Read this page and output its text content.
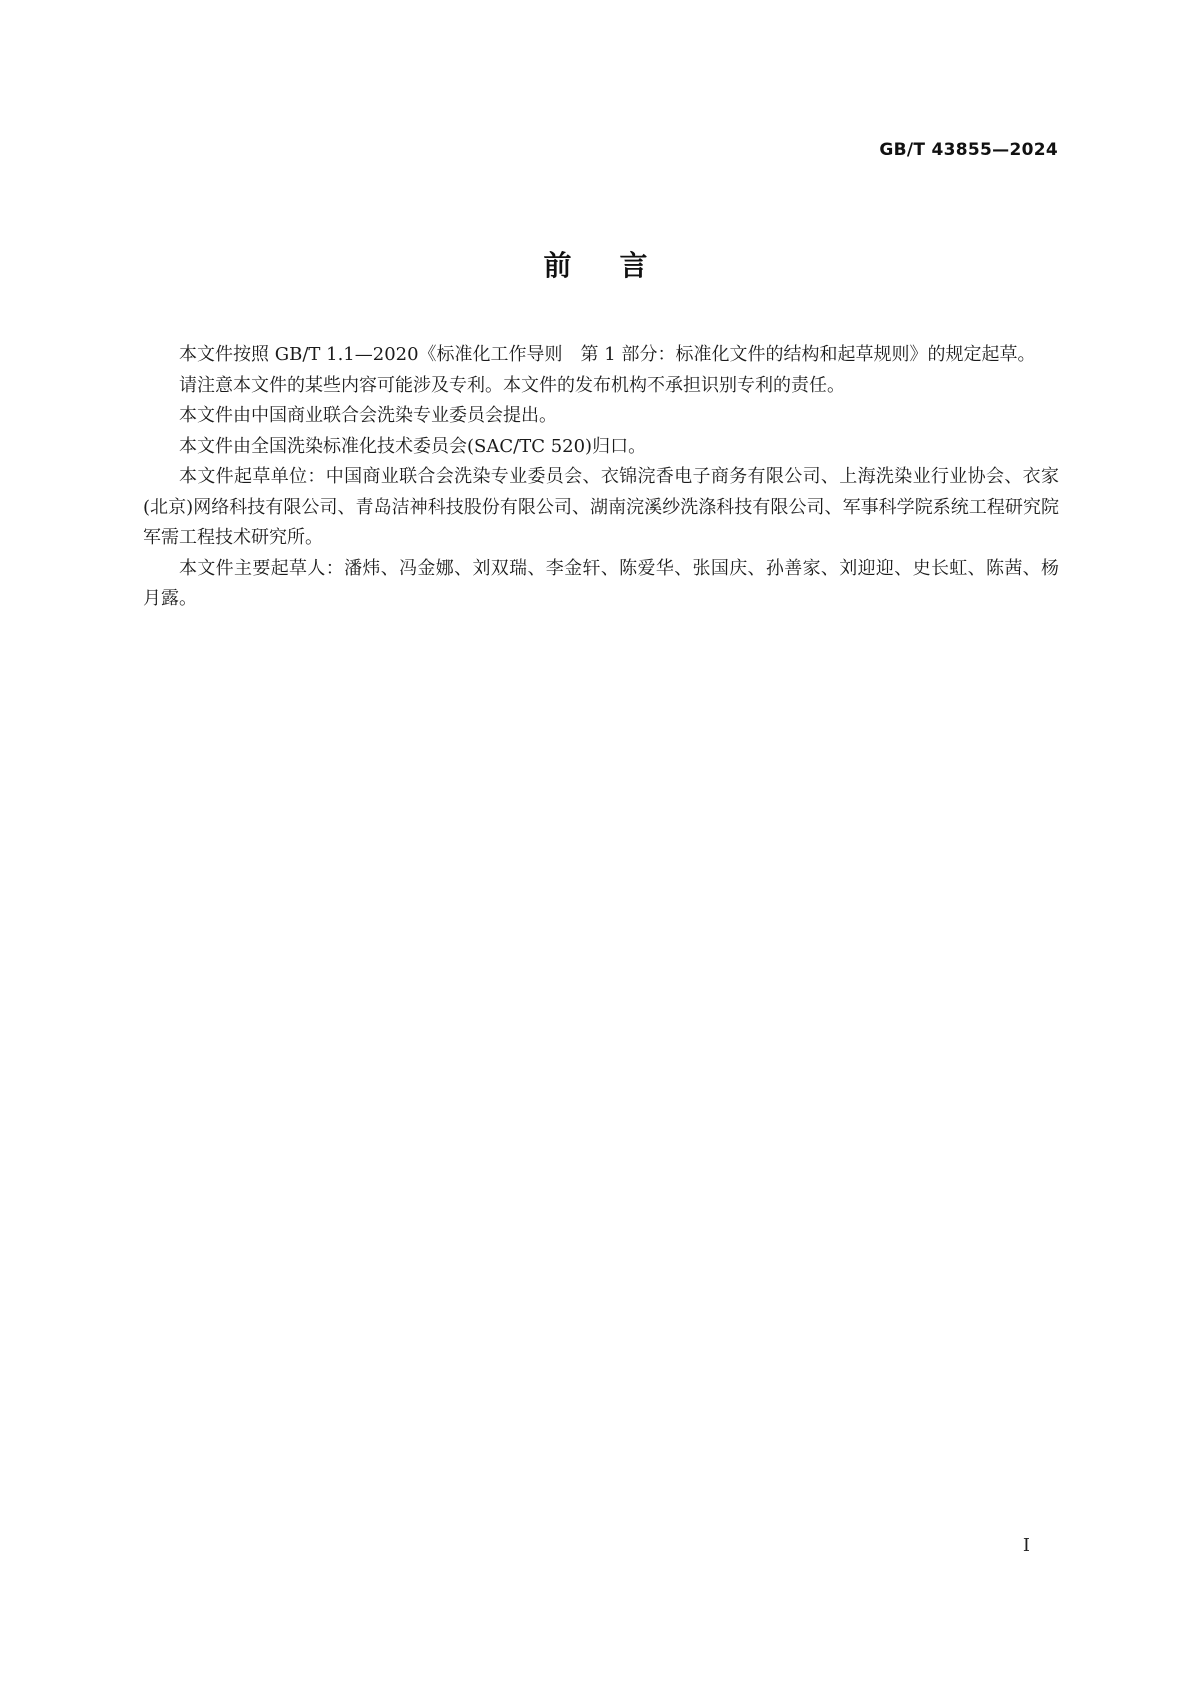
GB/T 43855—2024
前言

本文件按照 GB/T 1.1—2020《标准化工作导则　第 1 部分：标准化文件的结构和起草规则》的规定起草。

请注意本文件的某些内容可能涉及专利。本文件的发布机构不承担识别专利的责任。

本文件由中国商业联合会洗染专业委员会提出。

本文件由全国洗染标准化技术委员会(SAC/TC 520)归口。

本文件起草单位：中国商业联合会洗染专业委员会、衣锦浣香电子商务有限公司、上海洗染业行业协会、衣家(北京)网络科技有限公司、青岛洁神科技股份有限公司、湖南浣溪纱洗涤科技有限公司、军事科学院系统工程研究院军需工程技术研究所。

本文件主要起草人：潘炜、冯金娜、刘双瑞、李金轩、陈爱华、张国庆、孙善家、刘迎迎、史长虹、陈茜、杨月露。

I
